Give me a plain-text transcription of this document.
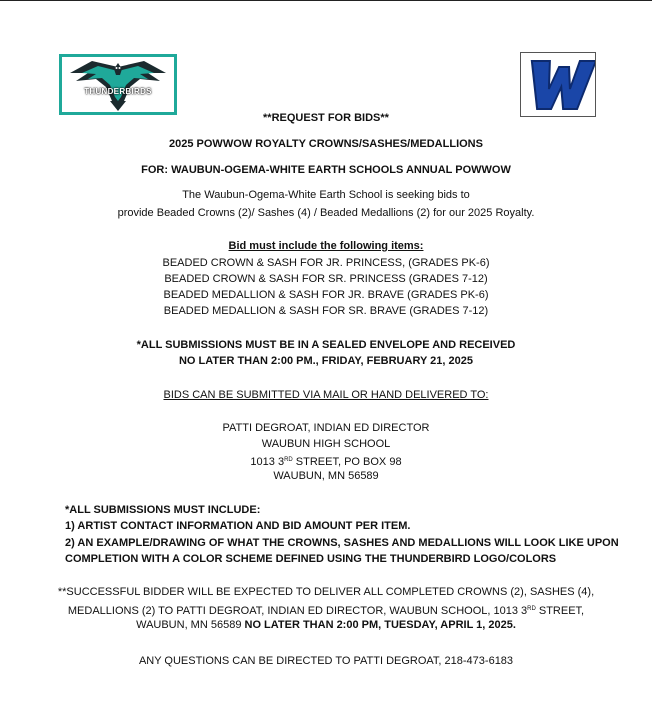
THUNDERBIRDS
**REQUEST FOR BIDS**
2025 POWWOW ROYALTY CROWNS/SASHES/MEDALLIONS
FOR: WAUBUN-OGEMA-WHITE EARTH SCHOOLS ANNUAL POWWOW
The Waubun-Ogema-White Earth School is seeking bids to
provide Beaded Crowns (2)/ Sashes (4) / Beaded Medallions (2) for our 2025 Royalty.
Bid must include the following items:
BEADED CROWN & SASH FOR JR. PRINCESS, (GRADES PK-6)
BEADED CROWN & SASH FOR SR. PRINCESS (GRADES 7-12)
BEADED MEDALLION & SASH FOR JR. BRAVE (GRADES PK-6)
BEADED MEDALLION & SASH FOR SR. BRAVE (GRADES 7-12)
*ALL SUBMISSIONS MUST BE IN A SEALED ENVELOPE AND RECEIVED
NO LATER THAN 2:00 PM., FRIDAY, FEBRUARY 21, 2025
BIDS CAN BE SUBMITTED VIA MAIL OR HAND DELIVERED TO:
PATTI DEGROAT, INDIAN ED DIRECTOR
WAUBUN HIGH SCHOOL
1013 3RD STREET, PO BOX 98
WAUBUN, MN 56589
*ALL SUBMISSIONS MUST INCLUDE:
1) ARTIST CONTACT INFORMATION AND BID AMOUNT PER ITEM.
2) AN EXAMPLE/DRAWING OF WHAT THE CROWNS, SASHES AND MEDALLIONS WILL LOOK LIKE UPON
COMPLETION WITH A COLOR SCHEME DEFINED USING THE THUNDERBIRD LOGO/COLORS
**SUCCESSFUL BIDDER WILL BE EXPECTED TO DELIVER ALL COMPLETED CROWNS (2), SASHES (4),
MEDALLIONS (2) TO PATTI DEGROAT, INDIAN ED DIRECTOR, WAUBUN SCHOOL, 1013 3RD STREET,
WAUBUN, MN 56589 NO LATER THAN 2:00 PM, TUESDAY, APRIL 1, 2025.
ANY QUESTIONS CAN BE DIRECTED TO PATTI DEGROAT, 218-473-6183
